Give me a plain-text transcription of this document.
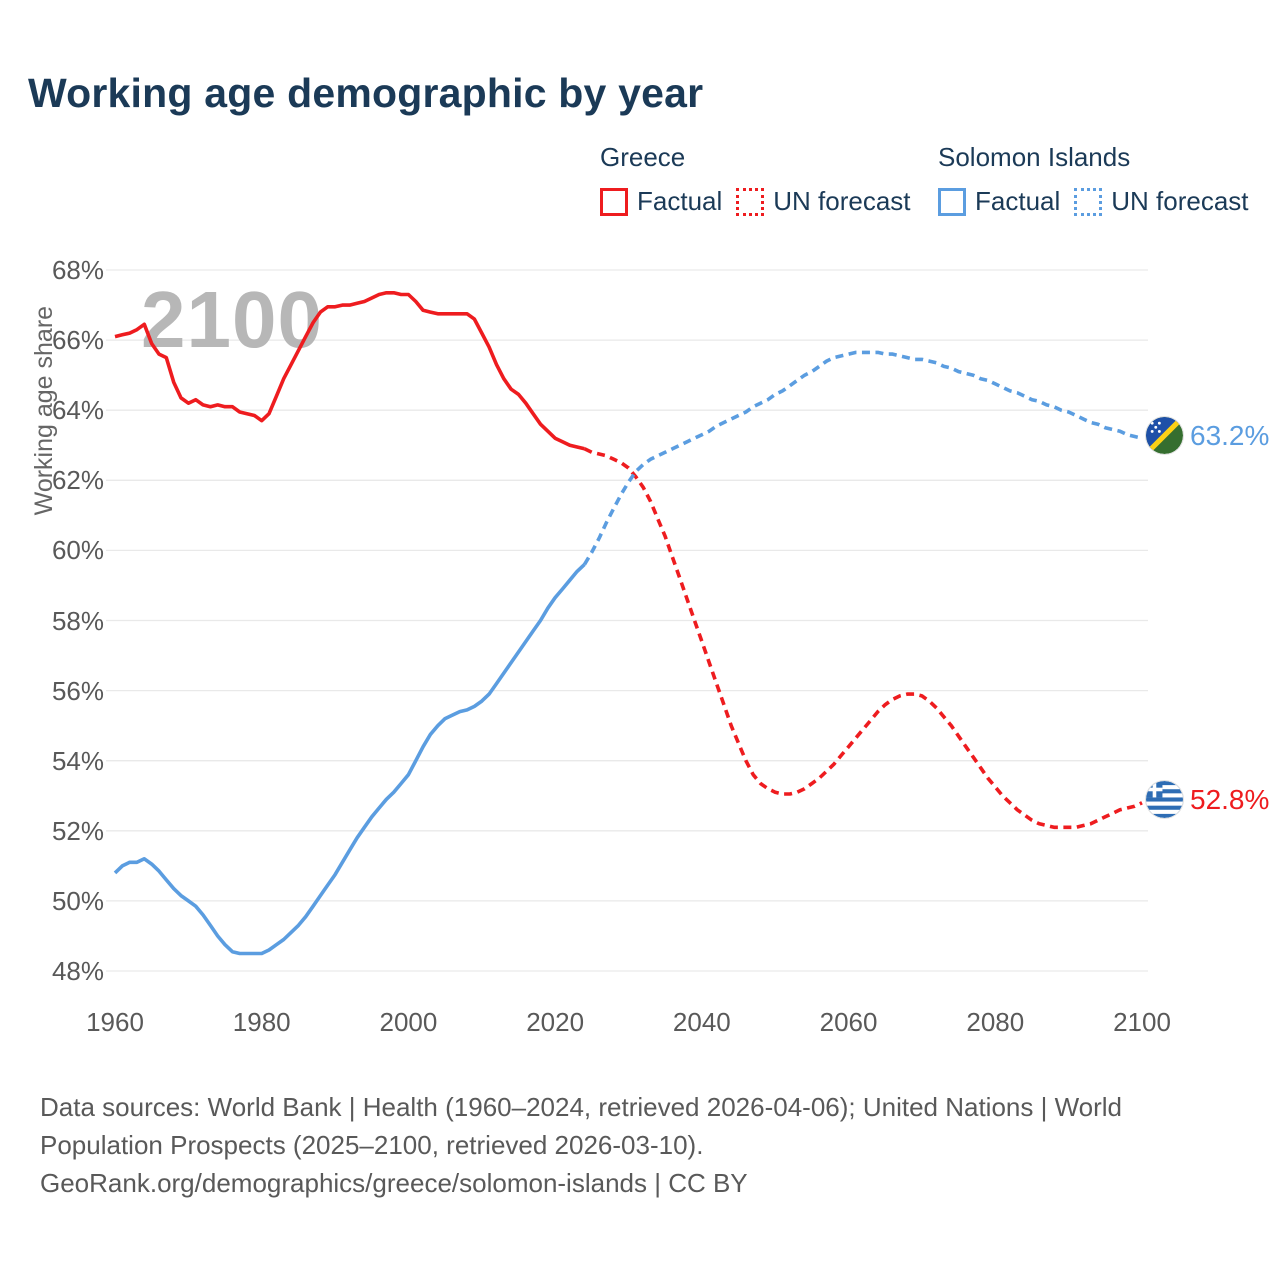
Working age demographic by year
Greece
Factual UN forecast
Solomon Islands
Factual UN forecast
2100
48%
50%
52%
54%
56%
58%
60%
62%
64%
66%
68%
1960	1980	2000	2020	2040	2060	2080	2100
Working age share	63.2%
52.8%

Data sources: World Bank | Health (1960–2024, retrieved 2026-04-06); United Nations | World Population Prospects (2025–2100, retrieved 2026-03-10).

GeoRank.org/demographics/greece/solomon-islands | CC BY
